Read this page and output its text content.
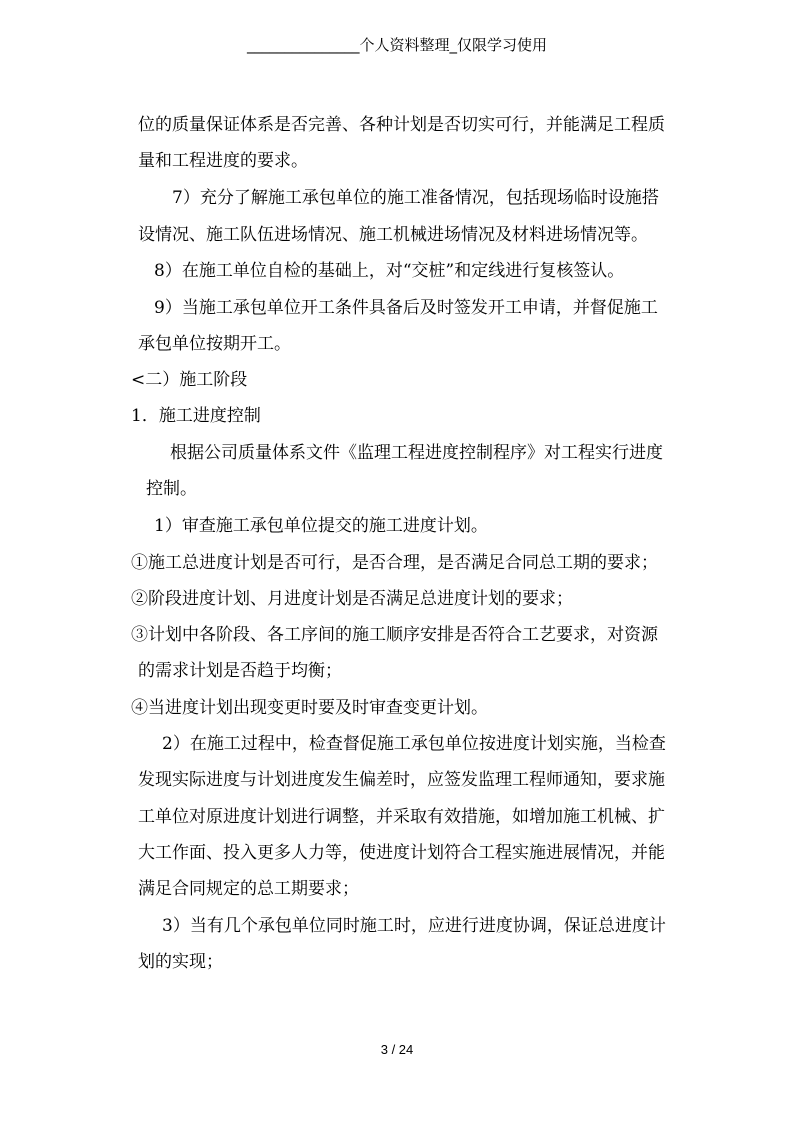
_______________个人资料整理_仅限学习使用
位的质量保证体系是否完善、各种计划是否切实可行，并能满足工程质
量和工程进度的要求。
7）充分了解施工承包单位的施工准备情况，包括现场临时设施搭
设情况、施工队伍进场情况、施工机械进场情况及材料进场情况等。
8）在施工单位自检的基础上，对“交桩”和定线进行复核签认。
9）当施工承包单位开工条件具备后及时签发开工申请，并督促施工
承包单位按期开工。
<二）施工阶段
1．施工进度控制
根据公司质量体系文件《监理工程进度控制程序》对工程实行进度
控制。
1）审查施工承包单位提交的施工进度计划。
①施工总进度计划是否可行，是否合理，是否满足合同总工期的要求；
②阶段进度计划、月进度计划是否满足总进度计划的要求；
③计划中各阶段、各工序间的施工顺序安排是否符合工艺要求，对资源
的需求计划是否趋于均衡；
④当进度计划出现变更时要及时审查变更计划。
2）在施工过程中，检查督促施工承包单位按进度计划实施，当检查
发现实际进度与计划进度发生偏差时，应签发监理工程师通知，要求施
工单位对原进度计划进行调整，并采取有效措施，如增加施工机械、扩
大工作面、投入更多人力等，使进度计划符合工程实施进展情况，并能
满足合同规定的总工期要求；
3）当有几个承包单位同时施工时，应进行进度协调，保证总进度计
划的实现；
3 / 24
